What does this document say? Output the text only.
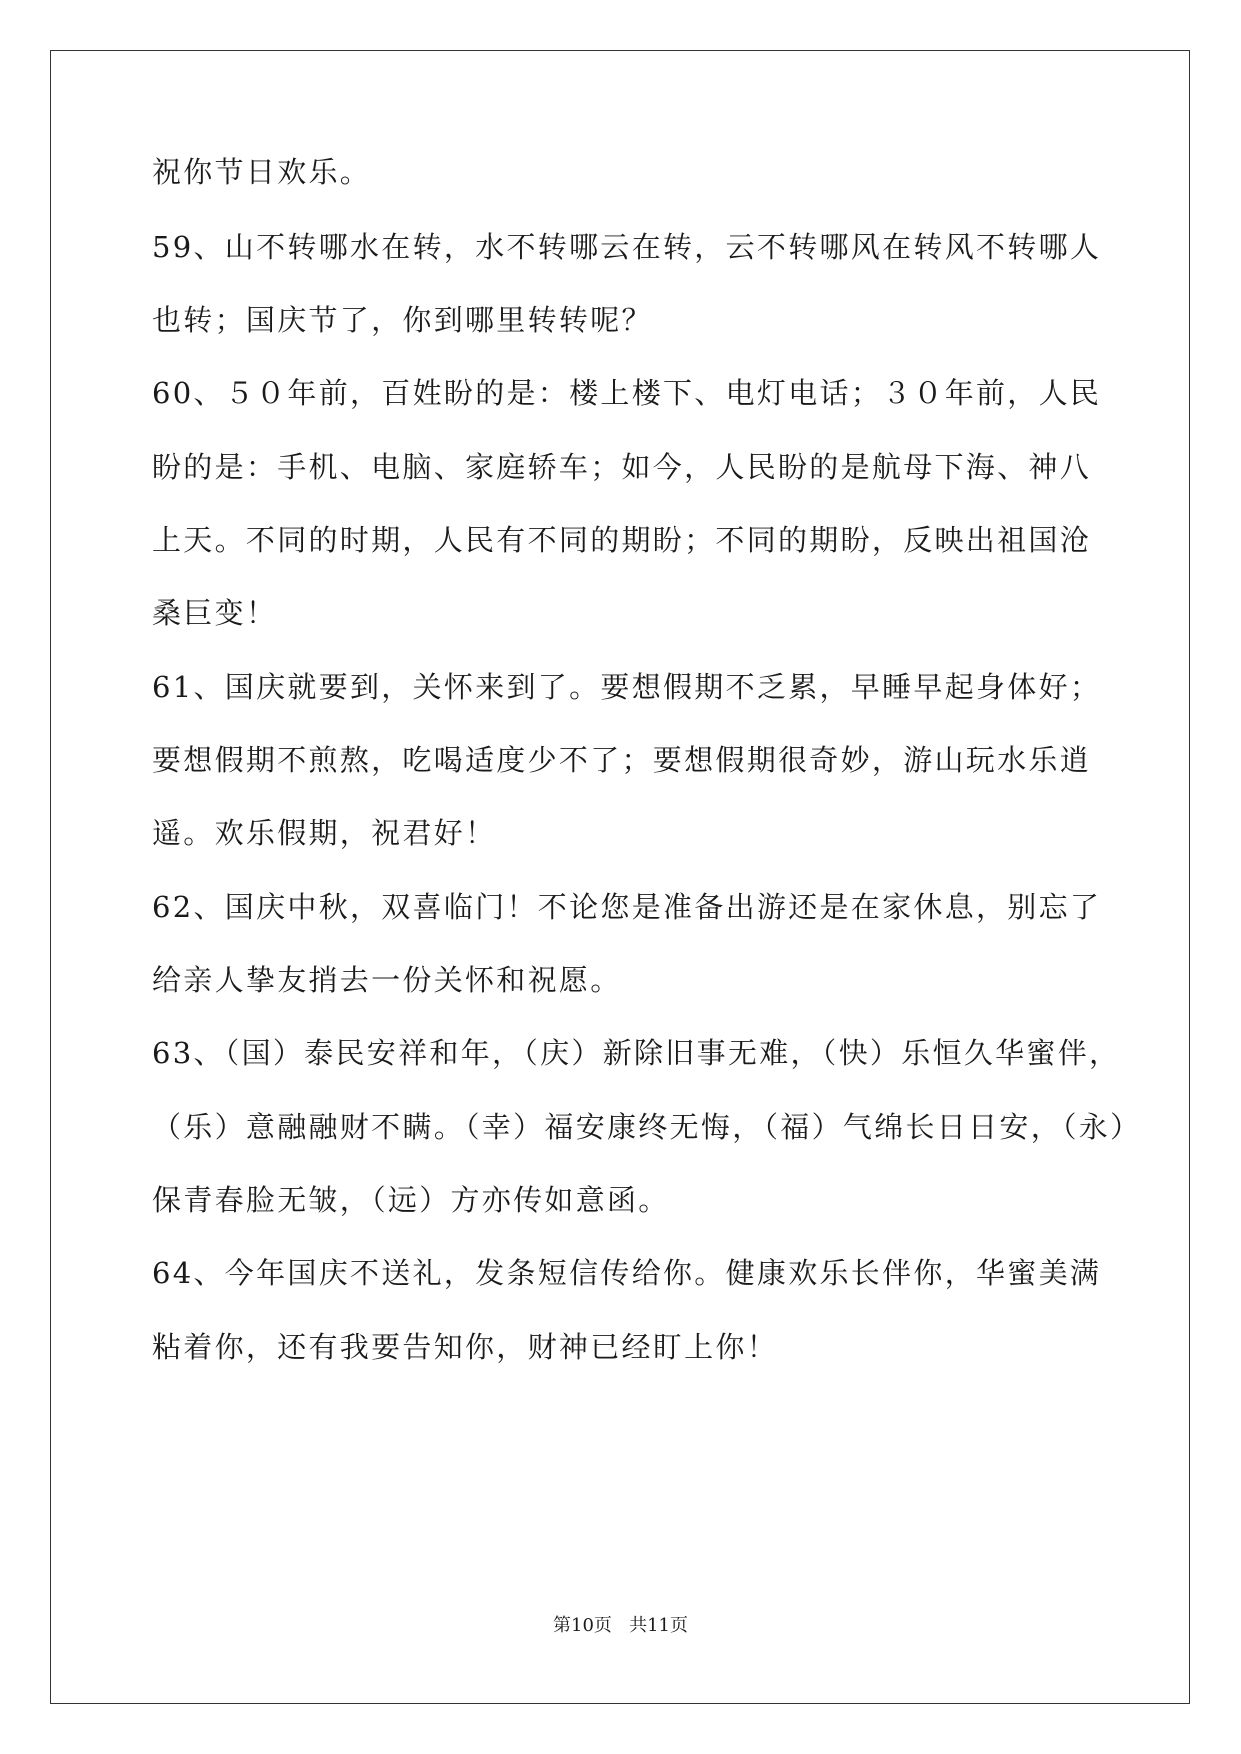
祝你节日欢乐。
59、山不转哪水在转，水不转哪云在转，云不转哪风在转风不转哪人
也转；国庆节了，你到哪里转转呢？
60、５０年前，百姓盼的是：楼上楼下、电灯电话；３０年前，人民
盼的是：手机、电脑、家庭轿车；如今，人民盼的是航母下海、神八
上天。不同的时期，人民有不同的期盼；不同的期盼，反映出祖国沧
桑巨变！
61、国庆就要到，关怀来到了。要想假期不乏累，早睡早起身体好；
要想假期不煎熬，吃喝适度少不了；要想假期很奇妙，游山玩水乐逍
遥。欢乐假期，祝君好！
62、国庆中秋，双喜临门！不论您是准备出游还是在家休息，别忘了
给亲人挚友捎去一份关怀和祝愿。
63、（国）泰民安祥和年，（庆）新除旧事无难，（快）乐恒久华蜜伴，
（乐）意融融财不瞒。（幸）福安康终无悔，（福）气绵长日日安，（永）
保青春脸无皱，（远）方亦传如意函。
64、今年国庆不送礼，发条短信传给你。健康欢乐长伴你，华蜜美满
粘着你，还有我要告知你，财神已经盯上你！
第10页   共11页
